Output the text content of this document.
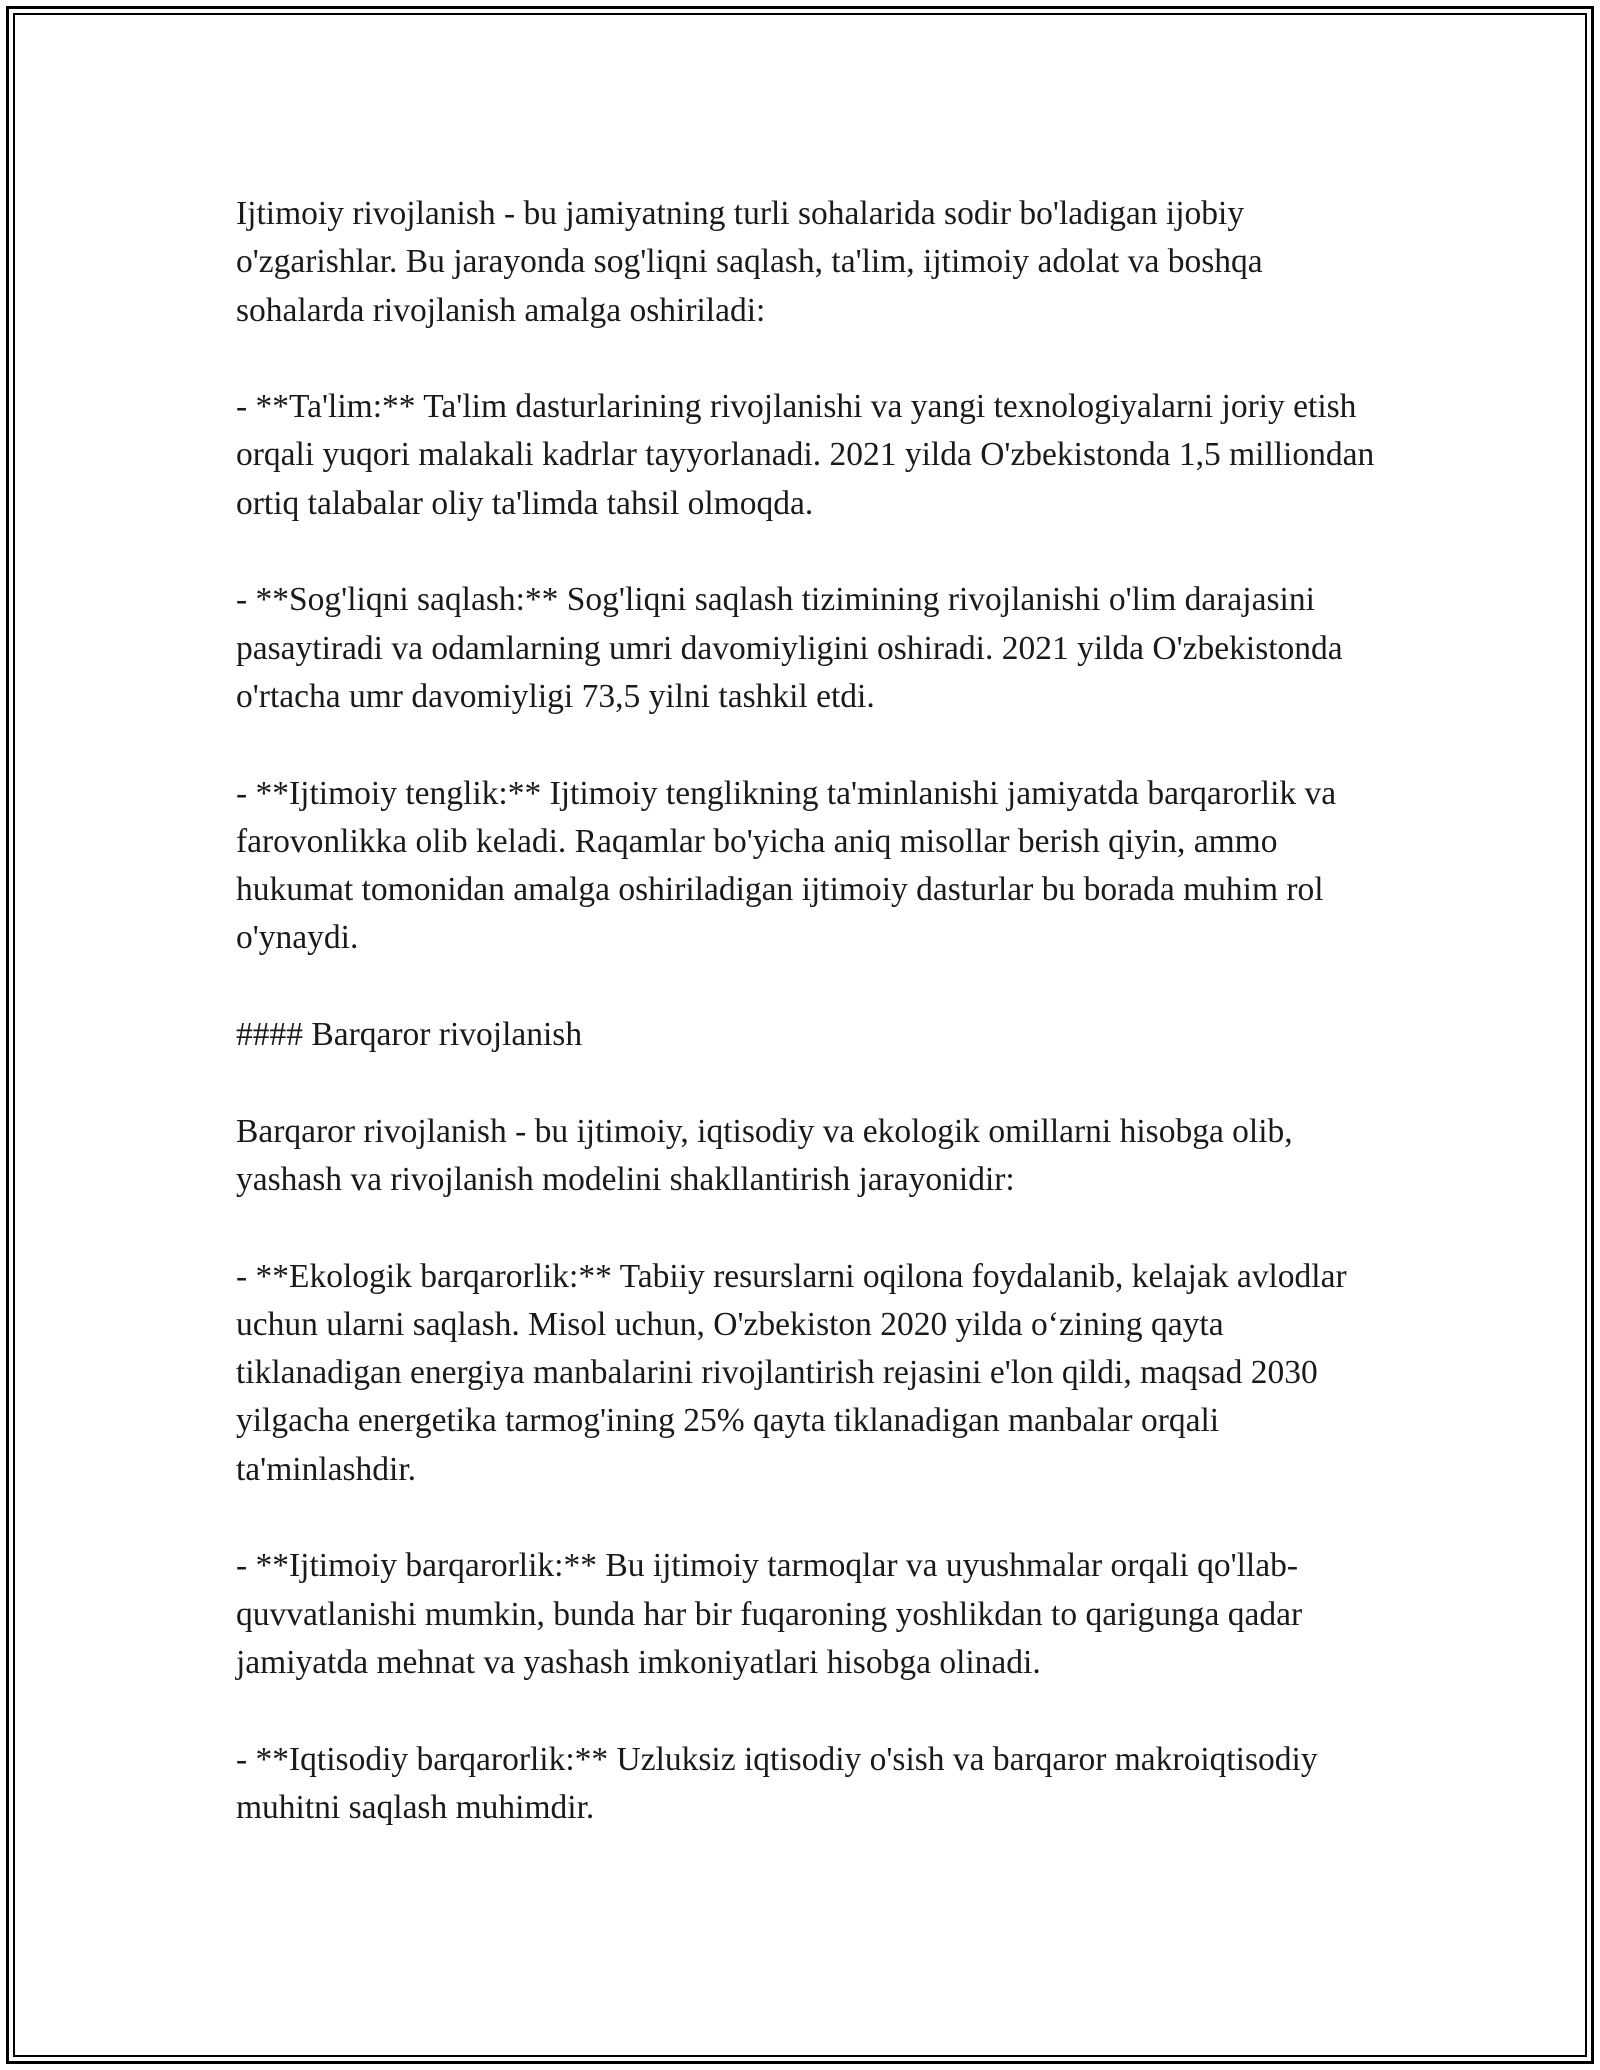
Ijtimoiy rivojlanish - bu jamiyatning turli sohalarida sodir bo'ladigan ijobiy o'zgarishlar. Bu jarayonda sog'liqni saqlash, ta'lim, ijtimoiy adolat va boshqa sohalarda rivojlanish amalga oshiriladi:

- **Ta'lim:** Ta'lim dasturlarining rivojlanishi va yangi texnologiyalarni joriy etish orqali yuqori malakali kadrlar tayyorlanadi. 2021 yilda O'zbekistonda 1,5 milliondan ortiq talabalar oliy ta'limda tahsil olmoqda.

- **Sog'liqni saqlash:** Sog'liqni saqlash tizimining rivojlanishi o'lim darajasini pasaytiradi va odamlarning umri davomiyligini oshiradi. 2021 yilda O'zbekistonda o'rtacha umr davomiyligi 73,5 yilni tashkil etdi.

- **Ijtimoiy tenglik:** Ijtimoiy tenglikning ta'minlanishi jamiyatda barqarorlik va farovonlikka olib keladi. Raqamlar bo'yicha aniq misollar berish qiyin, ammo hukumat tomonidan amalga oshiriladigan ijtimoiy dasturlar bu borada muhim rol o'ynaydi.

#### Barqaror rivojlanish

Barqaror rivojlanish - bu ijtimoiy, iqtisodiy va ekologik omillarni hisobga olib, yashash va rivojlanish modelini shakllantirish jarayonidir:

- **Ekologik barqarorlik:** Tabiiy resurslarni oqilona foydalanib, kelajak avlodlar uchun ularni saqlash. Misol uchun, O'zbekiston 2020 yilda o‘zining qayta tiklanadigan energiya manbalarini rivojlantirish rejasini e'lon qildi, maqsad 2030 yilgacha energetika tarmog'ining 25% qayta tiklanadigan manbalar orqali ta'minlashdir.

- **Ijtimoiy barqarorlik:** Bu ijtimoiy tarmoqlar va uyushmalar orqali qo'llab-quvvatlanishi mumkin, bunda har bir fuqaroning yoshlikdan to qarigunga qadar jamiyatda mehnat va yashash imkoniyatlari hisobga olinadi.

- **Iqtisodiy barqarorlik:** Uzluksiz iqtisodiy o'sish va barqaror makroiqtisodiy muhitni saqlash muhimdir.
